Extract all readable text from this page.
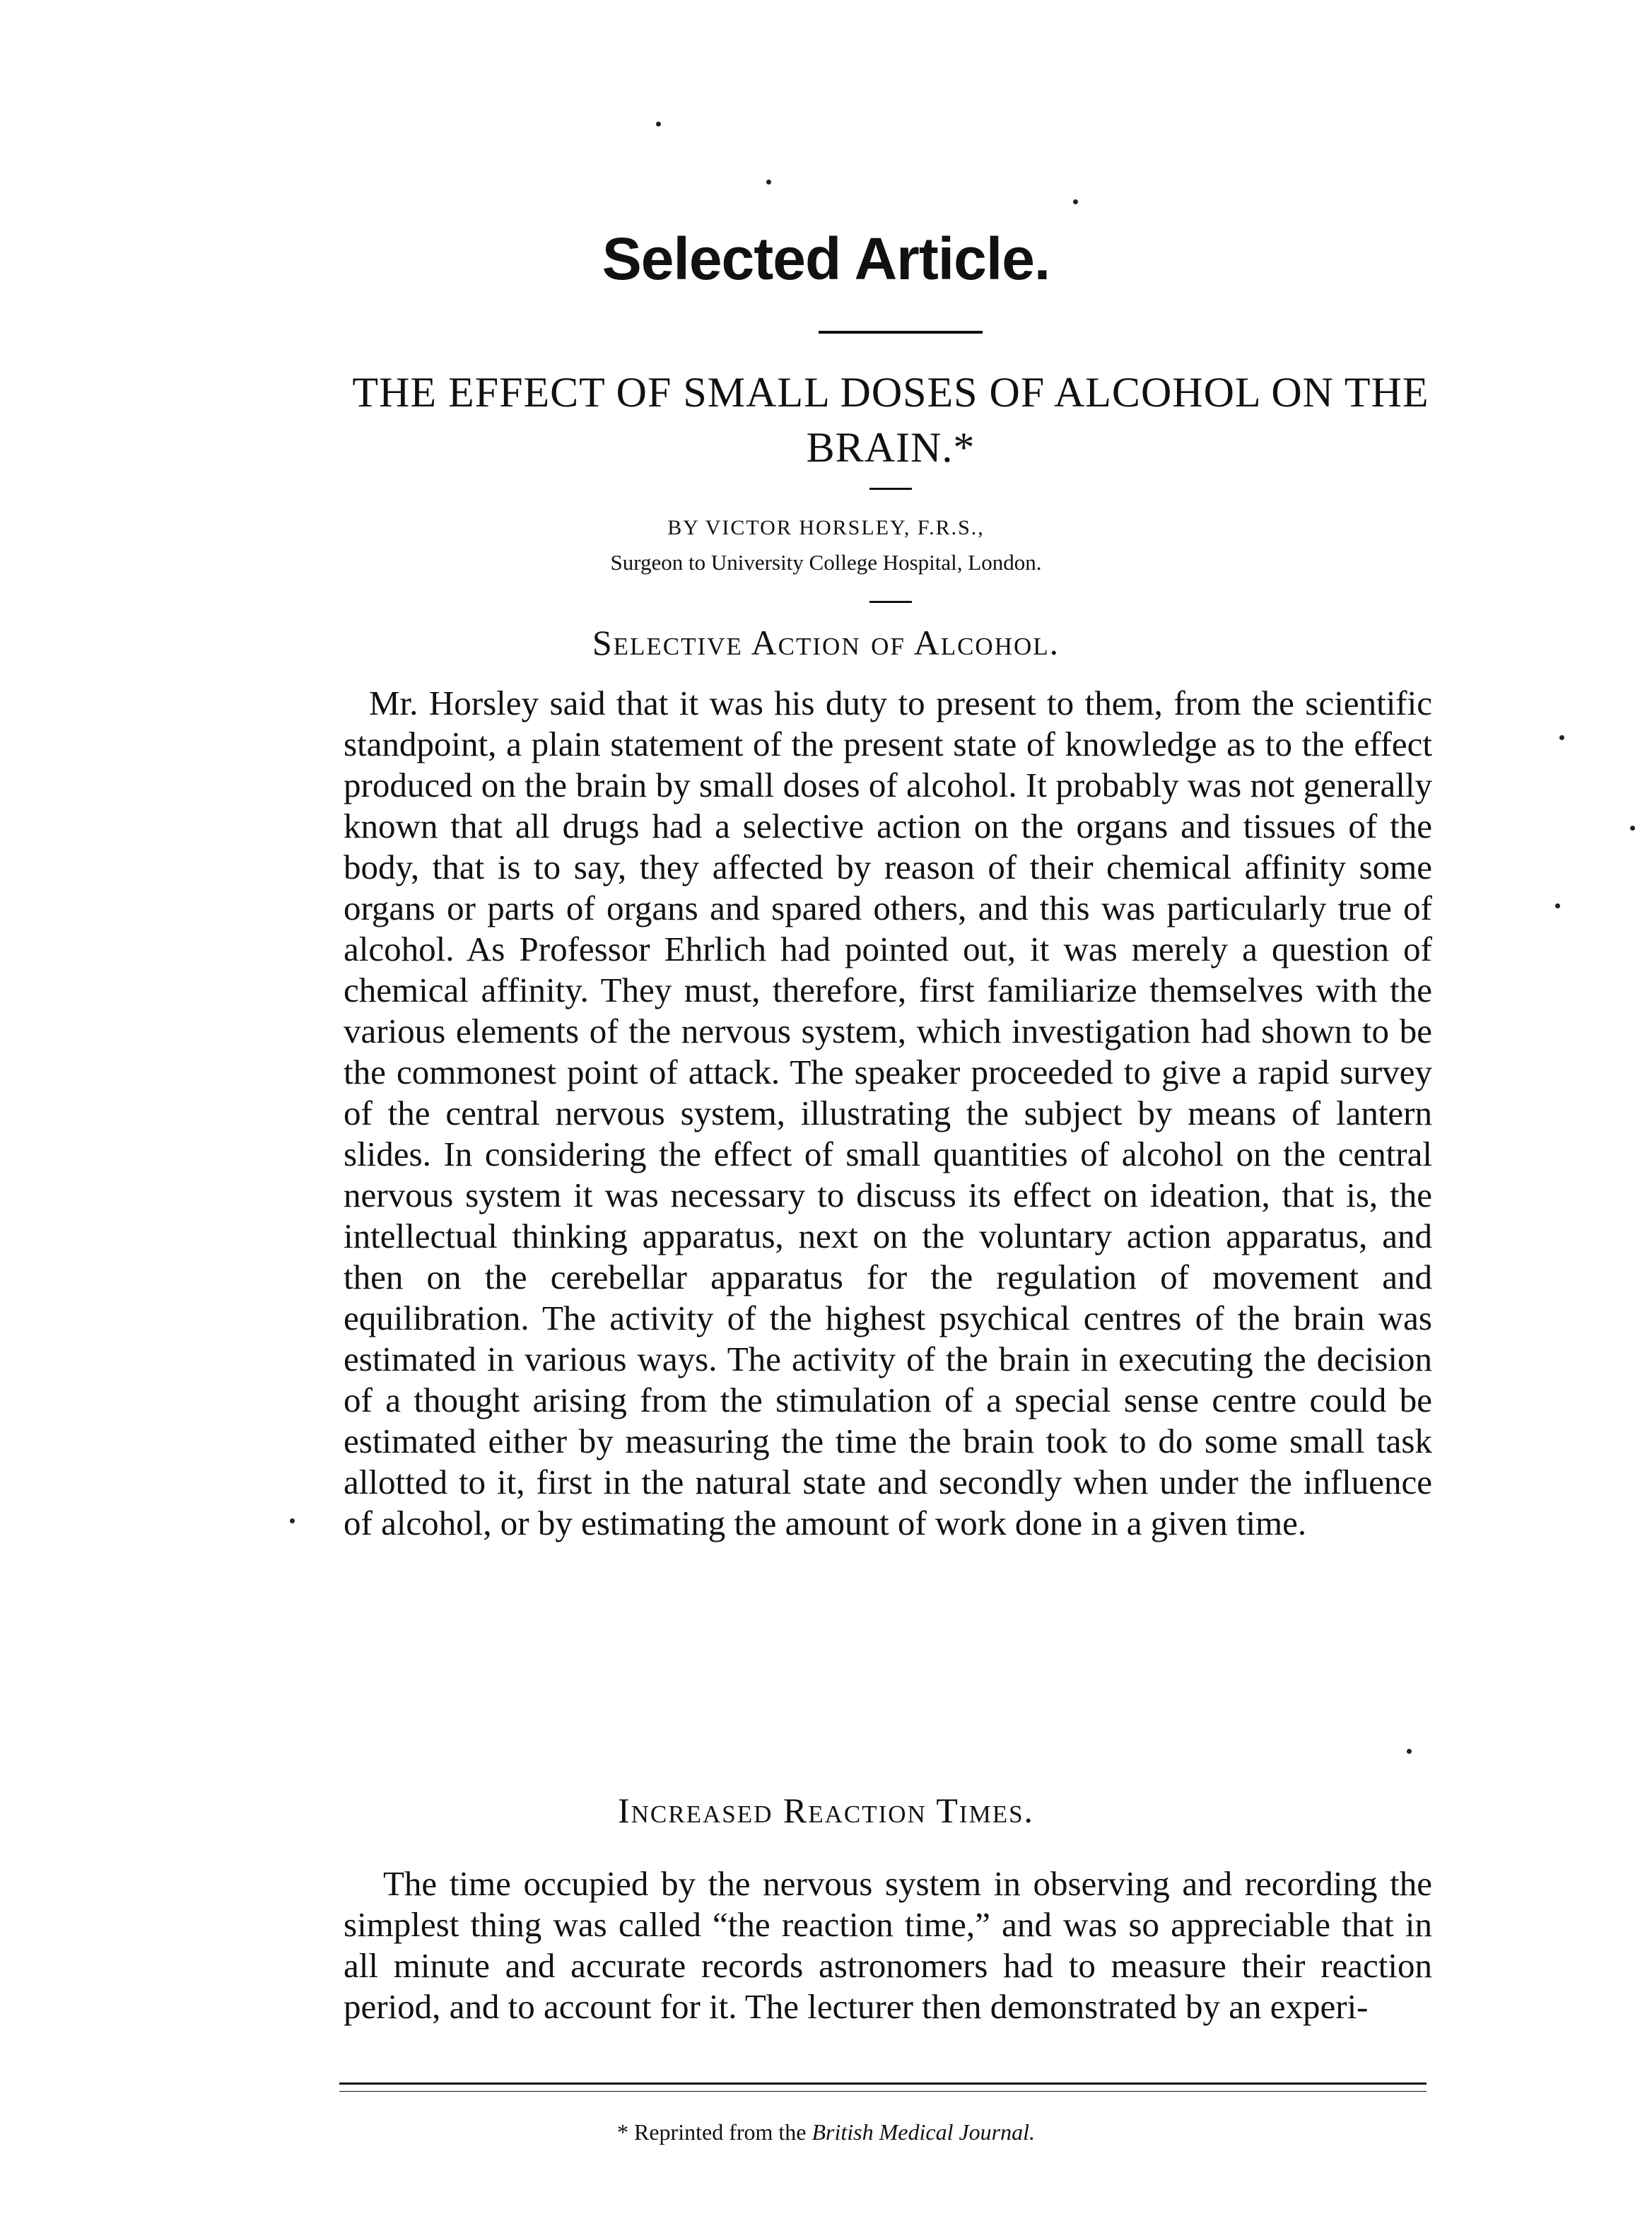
Selected Article.
THE EFFECT OF SMALL DOSES OF ALCOHOL ON THE BRAIN.*
BY VICTOR HORSLEY, F.R.S.,
Surgeon to University College Hospital, London.
Selective Action of Alcohol.
Mr. Horsley said that it was his duty to present to them, from the scientific standpoint, a plain statement of the present state of knowledge as to the effect produced on the brain by small doses of alcohol. It probably was not generally known that all drugs had a selective action on the organs and tissues of the body, that is to say, they affected by reason of their chemical affinity some organs or parts of organs and spared others, and this was particularly true of alcohol. As Professor Ehrlich had pointed out, it was merely a question of chemical affinity. They must, therefore, first familiarize themselves with the various elements of the nervous system, which investigation had shown to be the commonest point of attack. The speaker proceeded to give a rapid survey of the central nervous system, illustrating the subject by means of lantern slides. In considering the effect of small quantities of alcohol on the central nervous system it was necessary to discuss its effect on ideation, that is, the intellectual thinking apparatus, next on the voluntary action apparatus, and then on the cerebellar apparatus for the regulation of movement and equilibration. The activity of the highest psychical centres of the brain was estimated in various ways. The activity of the brain in executing the decision of a thought arising from the stimulation of a special sense centre could be estimated either by measuring the time the brain took to do some small task allotted to it, first in the natural state and secondly when under the influence of alcohol, or by estimating the amount of work done in a given time.
Increased Reaction Times.
The time occupied by the nervous system in observing and recording the simplest thing was called “the reaction time,” and was so appreciable that in all minute and accurate records astronomers had to measure their reaction period, and to account for it. The lecturer then demonstrated by an experi-
* Reprinted from the British Medical Journal.
